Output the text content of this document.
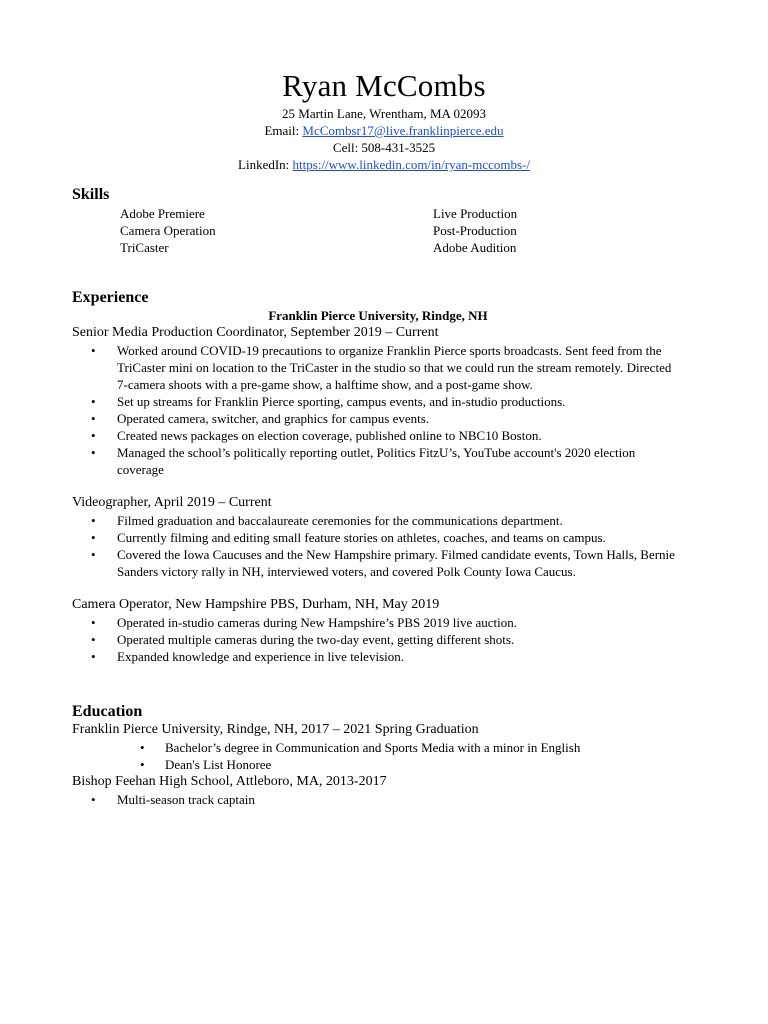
Ryan McCombs
25 Martin Lane, Wrentham, MA 02093
Email: McCombsr17@live.franklinpierce.edu
Cell: 508-431-3525
LinkedIn: https://www.linkedin.com/in/ryan-mccombs-/
Skills
Adobe Premiere
Camera Operation
TriCaster
Live Production
Post-Production
Adobe Audition
Experience
Franklin Pierce University, Rindge, NH
Senior Media Production Coordinator, September 2019 – Current
• Worked around COVID-19 precautions to organize Franklin Pierce sports broadcasts. Sent feed from the TriCaster mini on location to the TriCaster in the studio so that we could run the stream remotely. Directed 7-camera shoots with a pre-game show, a halftime show, and a post-game show.
• Set up streams for Franklin Pierce sporting, campus events, and in-studio productions.
• Operated camera, switcher, and graphics for campus events.
• Created news packages on election coverage, published online to NBC10 Boston.
• Managed the school’s politically reporting outlet, Politics FitzU’s, YouTube account's 2020 election coverage
Videographer, April 2019 – Current
• Filmed graduation and baccalaureate ceremonies for the communications department.
• Currently filming and editing small feature stories on athletes, coaches, and teams on campus.
• Covered the Iowa Caucuses and the New Hampshire primary. Filmed candidate events, Town Halls, Bernie Sanders victory rally in NH, interviewed voters, and covered Polk County Iowa Caucus.
Camera Operator, New Hampshire PBS, Durham, NH, May 2019
• Operated in-studio cameras during New Hampshire’s PBS 2019 live auction.
• Operated multiple cameras during the two-day event, getting different shots.
• Expanded knowledge and experience in live television.
Education
Franklin Pierce University, Rindge, NH, 2017 – 2021 Spring Graduation
• Bachelor’s degree in Communication and Sports Media with a minor in English
• Dean's List Honoree
Bishop Feehan High School, Attleboro, MA, 2013-2017
• Multi-season track captain
